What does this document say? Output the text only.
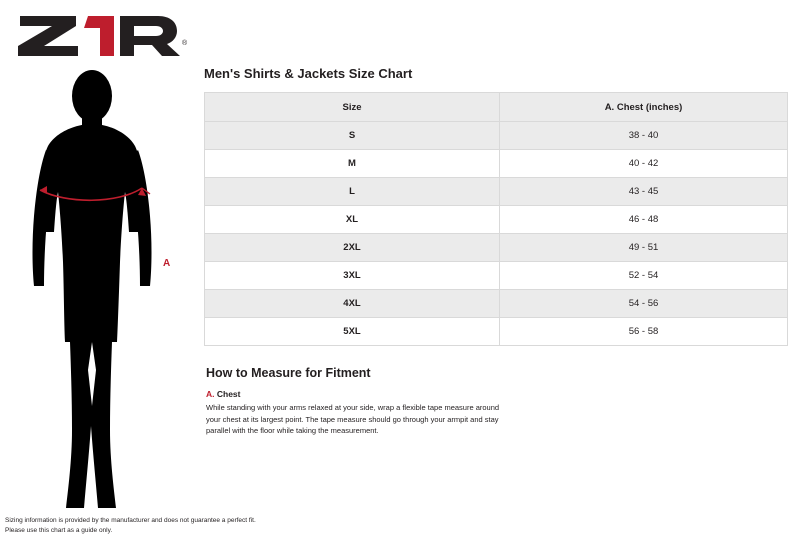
®
A
Men's Shirts & Jackets Size Chart
Size	A. Chest (inches)
S	38 - 40
M	40 - 42
L	43 - 45
XL	46 - 48
2XL	49 - 51
3XL	52 - 54
4XL	54 - 56
5XL	56 - 58
How to Measure for Fitment

A. Chest

While standing with your arms relaxed at your side, wrap a flexible tape measure around your chest at its largest point. The tape measure should go through your armpit and stay parallel with the floor while taking the measurement.

Sizing information is provided by the manufacturer and does not guarantee a perfect fit.
Please use this chart as a guide only.
